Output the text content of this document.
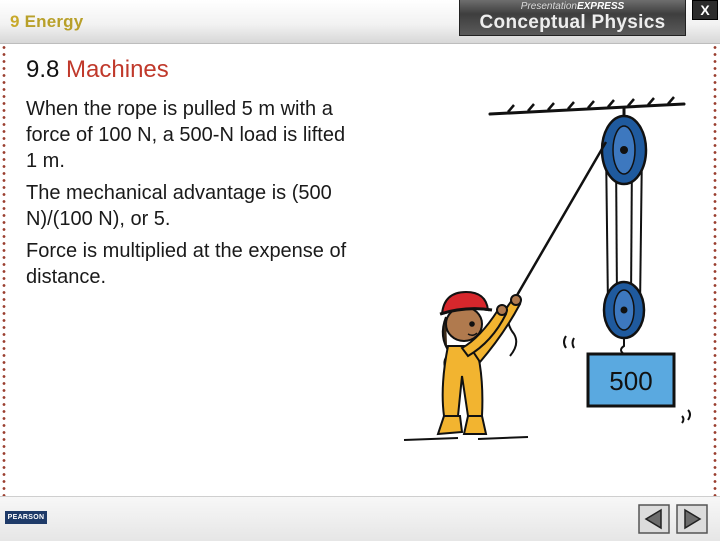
9 Energy
PresentationEXPRESS
Conceptual Physics
X
9.8 Machines
When the rope is pulled 5 m with a force of 100 N, a 500-N load is lifted 1 m.
The mechanical advantage is (500 N)/(100 N), or 5.
Force is multiplied at the expense of distance.
500
PEARSON
